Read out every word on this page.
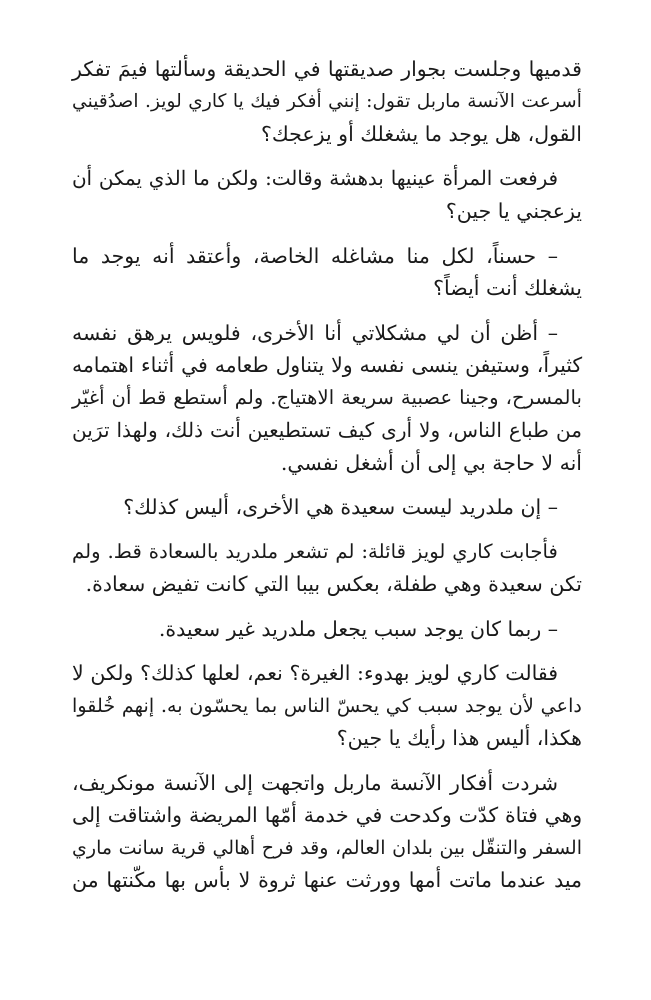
قدميها وجلست بجوار صديقتها في الحديقة وسألتها فيمَ تفكر
أسرعت الآنسة ماربل تقول: إنني أفكر فيك يا كاري لويز. اصدُقيني
القول، هل يوجد ما يشغلك أو يزعجك؟
فرفعت المرأة عينيها بدهشة وقالت: ولكن ما الذي يمكن أن
يزعجني يا جين؟
– حسناً، لكل منا مشاغله الخاصة، وأعتقد أنه يوجد ما
يشغلك أنت أيضاً؟
– أظن أن لي مشكلاتي أنا الأخرى، فلويس يرهق نفسه
كثيراً، وستيفن ينسى نفسه ولا يتناول طعامه في أثناء اهتمامه
بالمسرح، وجينا عصبية سريعة الاهتياج. ولم أستطع قط أن أغيّر
من طباع الناس، ولا أرى كيف تستطيعين أنت ذلك، ولهذا ترَين
أنه لا حاجة بي إلى أن أشغل نفسي.
– إن ملدريد ليست سعيدة هي الأخرى، أليس كذلك؟
فأجابت كاري لويز قائلة: لم تشعر ملدريد بالسعادة قط. ولم
تكن سعيدة وهي طفلة، بعكس بيبا التي كانت تفيض سعادة.
– ربما كان يوجد سبب يجعل ملدريد غير سعيدة.
فقالت كاري لويز بهدوء: الغيرة؟ نعم، لعلها كذلك؟ ولكن لا
داعي لأن يوجد سبب كي يحسّ الناس بما يحسّون به. إنهم خُلقوا
هكذا، أليس هذا رأيك يا جين؟
شردت أفكار الآنسة ماربل واتجهت إلى الآنسة مونكريف،
وهي فتاة كدّت وكدحت في خدمة أمّها المريضة واشتاقت إلى
السفر والتنقّل بين بلدان العالم، وقد فرح أهالي قرية سانت ماري
ميد عندما ماتت أمها وورثت عنها ثروة لا بأس بها مكّنتها من
